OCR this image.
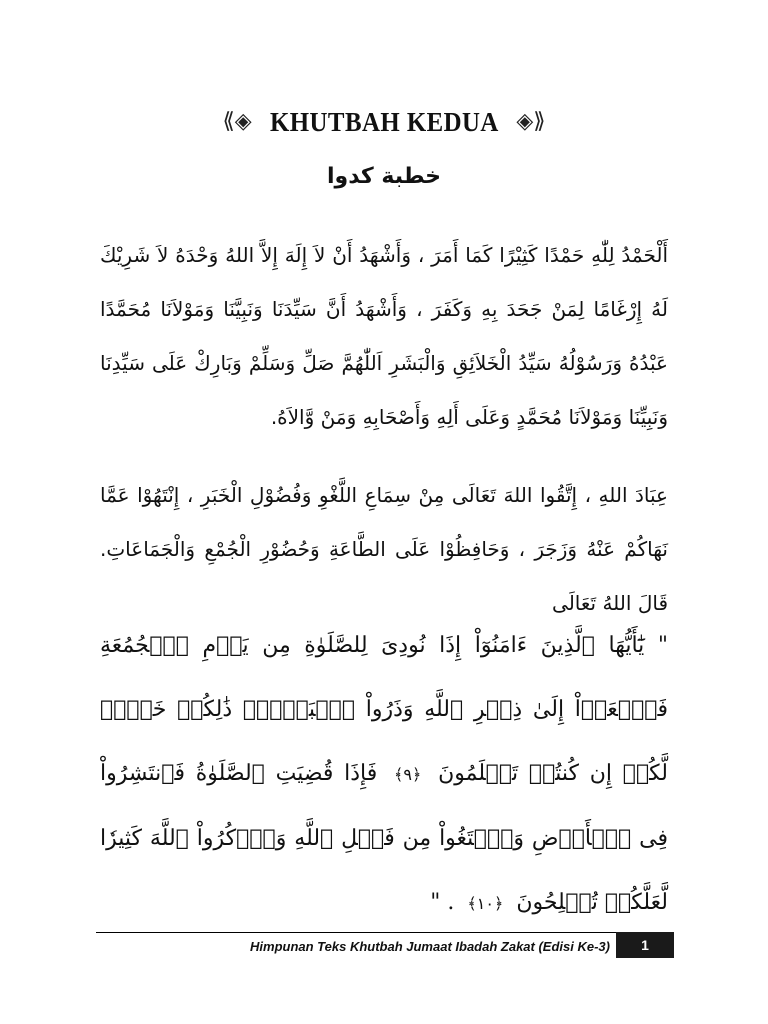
⟪◈ KHUTBAH KEDUA ◈⟫
خطبة كدوا
أَلْحَمْدُ لِلّٰهِ حَمْدًا كَثِيْرًا كَمَا أَمَرَ ، وَأَشْهَدُ أَنْ لاَ إِلَهَ إِلاَّ اللهُ وَحْدَهُ لاَ شَرِيْكَ لَهُ إِرْغَامًا لِمَنْ جَحَدَ بِهِ وَكَفَرَ ، وَأَشْهَدُ أَنَّ سَيِّدَنَا وَنَبِيَّنَا وَمَوْلاَنَا مُحَمَّدًا عَبْدُهُ وَرَسُوْلُهُ سَيِّدُ الْخَلاَئِقِ وَالْبَشَرِ اَللّٰهُمَّ صَلِّ وَسَلِّمْ وَبَارِكْ عَلَى سَيِّدِنَا وَنَبِيِّنَا وَمَوْلاَنَا مُحَمَّدٍ وَعَلَى أَلِهِ وَأَصْحَابِهِ وَمَنْ وَّالاَهُ.
عِبَادَ اللهِ ، إِتَّقُوا اللهَ تَعَالَى مِنْ سِمَاعِ اللَّغْوِ وَفُضُوْلِ الْخَبَرِ ، إِنْتَهُوْا عَمَّا نَهَاكُمْ عَنْهُ وَزَجَرَ ، وَحَافِظُوْا عَلَى الطَّاعَةِ وَحُضُوْرِ الْجُمْعِ وَالْجَمَاعَاتِ. قَالَ اللهُ تَعَالَى
" يَٰٓأَيُّهَا ٱلَّذِينَ ءَامَنُوٓاْ إِذَا نُودِىَ لِلصَّلَوٰةِ مِن يَوۡمِ ٱلۡجُمُعَةِ فَٱسۡعَوۡاْ إِلَىٰ ذِكۡرِ ٱللَّهِ وَذَرُواْ ٱلۡبَيۡعَۚ ذَٰلِكُمۡ خَيۡرٞ لَّكُمۡ إِن كُنتُمۡ تَعۡلَمُونَ ﴿٩﴾ فَإِذَا قُضِيَتِ ٱلصَّلَوٰةُ فَٱنتَشِرُواْ فِى ٱلۡأَرۡضِ وَٱبۡتَغُواْ مِن فَضۡلِ ٱللَّهِ وَٱذۡكُرُواْ ٱللَّهَ كَثِيرٗا لَّعَلَّكُمۡ تُفۡلِحُونَ ﴿١٠﴾ . "
Himpunan Teks Khutbah Jumaat Ibadah Zakat (Edisi Ke-3)	1
